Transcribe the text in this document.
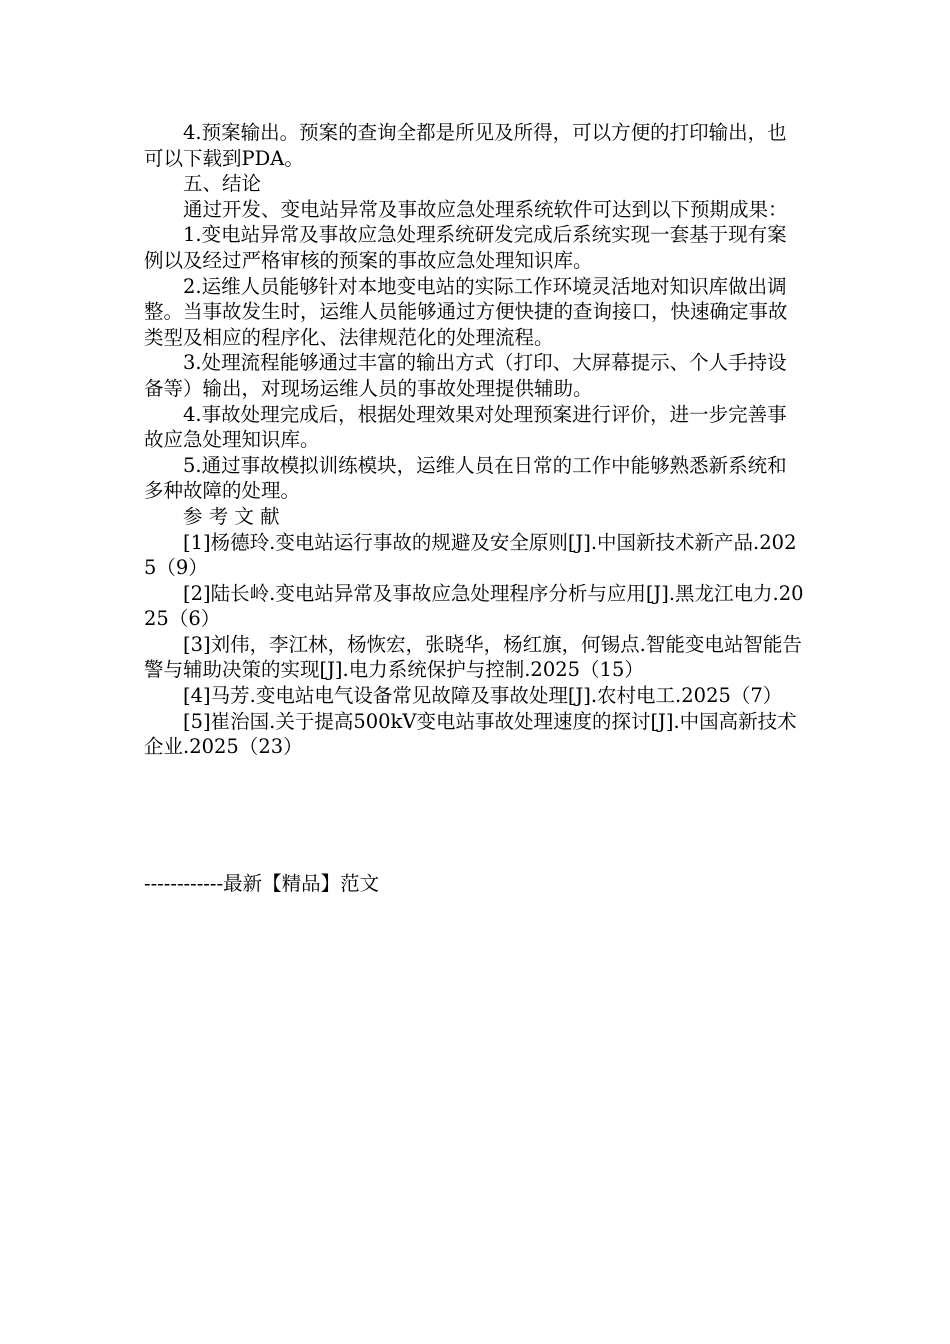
4.预案输出。预案的查询全都是所见及所得，可以方便的打印输出，也可以下载到PDA。

五、结论

通过开发、变电站异常及事故应急处理系统软件可达到以下预期成果：

1.变电站异常及事故应急处理系统研发完成后系统实现一套基于现有案例以及经过严格审核的预案的事故应急处理知识库。

2.运维人员能够针对本地变电站的实际工作环境灵活地对知识库做出调整。当事故发生时，运维人员能够通过方便快捷的查询接口，快速确定事故类型及相应的程序化、法律规范化的处理流程。

3.处理流程能够通过丰富的输出方式（打印、大屏幕提示、个人手持设备等）输出，对现场运维人员的事故处理提供辅助。

4.事故处理完成后，根据处理效果对处理预案进行评价，进一步完善事故应急处理知识库。

5.通过事故模拟训练模块，运维人员在日常的工作中能够熟悉新系统和多种故障的处理。

参 考 文 献

[1]杨德玲.变电站运行事故的规避及安全原则[J].中国新技术新产品.2025（9）

[2]陆长岭.变电站异常及事故应急处理程序分析与应用[J].黑龙江电力.2025（6）

[3]刘伟，李江林，杨恢宏，张晓华，杨红旗，何锡点.智能变电站智能告警与辅助决策的实现[J].电力系统保护与控制.2025（15）

[4]马芳.变电站电气设备常见故障及事故处理[J].农村电工.2025（7）

[5]崔治国.关于提高500kV变电站事故处理速度的探讨[J].中国高新技术企业.2025（23）

------------最新【精品】范文
